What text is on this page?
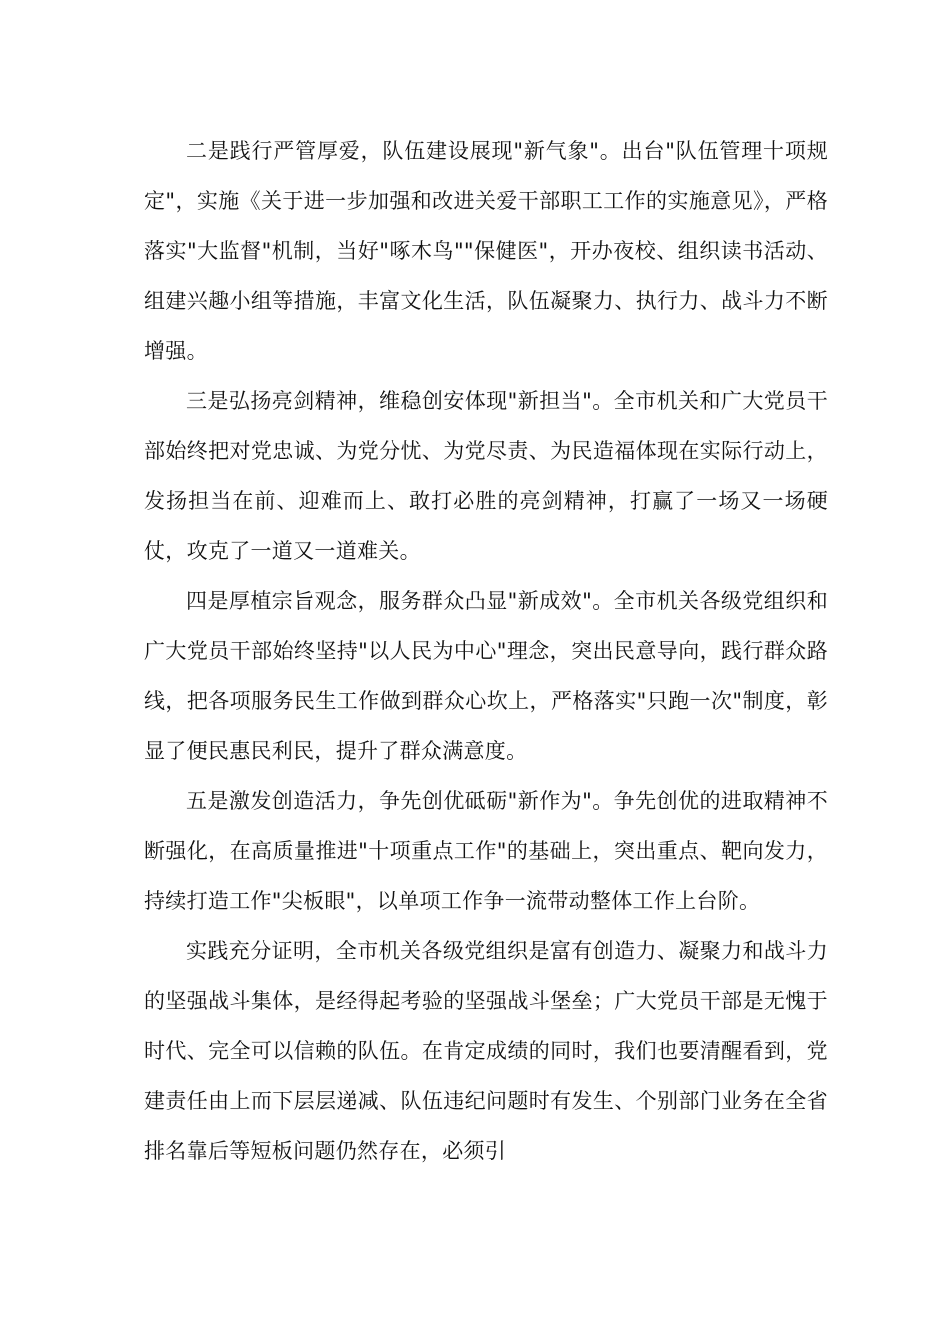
二是践行严管厚爱，队伍建设展现"新气象"。出台"队伍管理十项规定"，实施《关于进一步加强和改进关爱干部职工工作的实施意见》，严格落实"大监督"机制，当好"啄木鸟""保健医"，开办夜校、组织读书活动、组建兴趣小组等措施，丰富文化生活，队伍凝聚力、执行力、战斗力不断增强。

三是弘扬亮剑精神，维稳创安体现"新担当"。全市机关和广大党员干部始终把对党忠诚、为党分忧、为党尽责、为民造福体现在实际行动上，发扬担当在前、迎难而上、敢打必胜的亮剑精神，打赢了一场又一场硬仗，攻克了一道又一道难关。

四是厚植宗旨观念，服务群众凸显"新成效"。全市机关各级党组织和广大党员干部始终坚持"以人民为中心"理念，突出民意导向，践行群众路线，把各项服务民生工作做到群众心坎上，严格落实"只跑一次"制度，彰显了便民惠民利民，提升了群众满意度。

五是激发创造活力，争先创优砥砺"新作为"。争先创优的进取精神不断强化，在高质量推进"十项重点工作"的基础上，突出重点、靶向发力，持续打造工作"尖板眼"，以单项工作争一流带动整体工作上台阶。

实践充分证明，全市机关各级党组织是富有创造力、凝聚力和战斗力的坚强战斗集体，是经得起考验的坚强战斗堡垒；广大党员干部是无愧于时代、完全可以信赖的队伍。在肯定成绩的同时，我们也要清醒看到，党建责任由上而下层层递减、队伍违纪问题时有发生、个别部门业务在全省排名靠后等短板问题仍然存在，必须引
